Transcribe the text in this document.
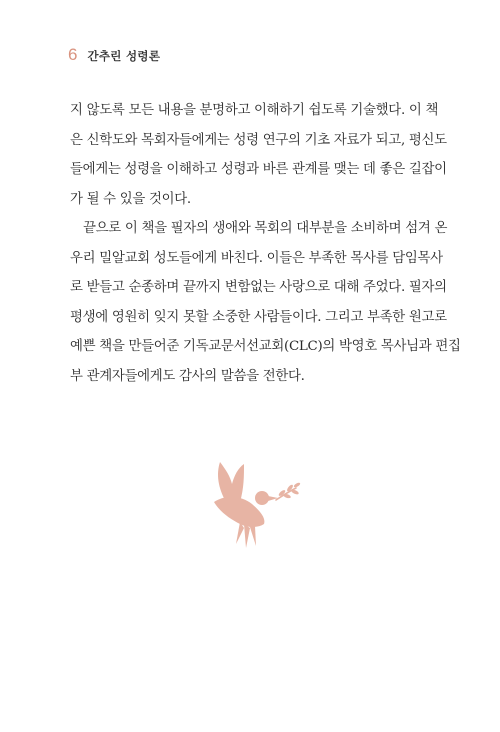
6 간추린 성령론

지 않도록 모든 내용을 분명하고 이해하기 쉽도록 기술했다. 이 책
은 신학도와 목회자들에게는 성령 연구의 기초 자료가 되고, 평신도
들에게는 성령을 이해하고 성령과 바른 관계를 맺는 데 좋은 길잡이
가 될 수 있을 것이다.

끝으로 이 책을 필자의 생애와 목회의 대부분을 소비하며 섬겨 온
우리 밀알교회 성도들에게 바친다. 이들은 부족한 목사를 담임목사
로 받들고 순종하며 끝까지 변함없는 사랑으로 대해 주었다. 필자의
평생에 영원히 잊지 못할 소중한 사람들이다. 그리고 부족한 원고로
예쁜 책을 만들어준 기독교문서선교회(CLC)의 박영호 목사님과 편집
부 관계자들에게도 감사의 말씀을 전한다.
